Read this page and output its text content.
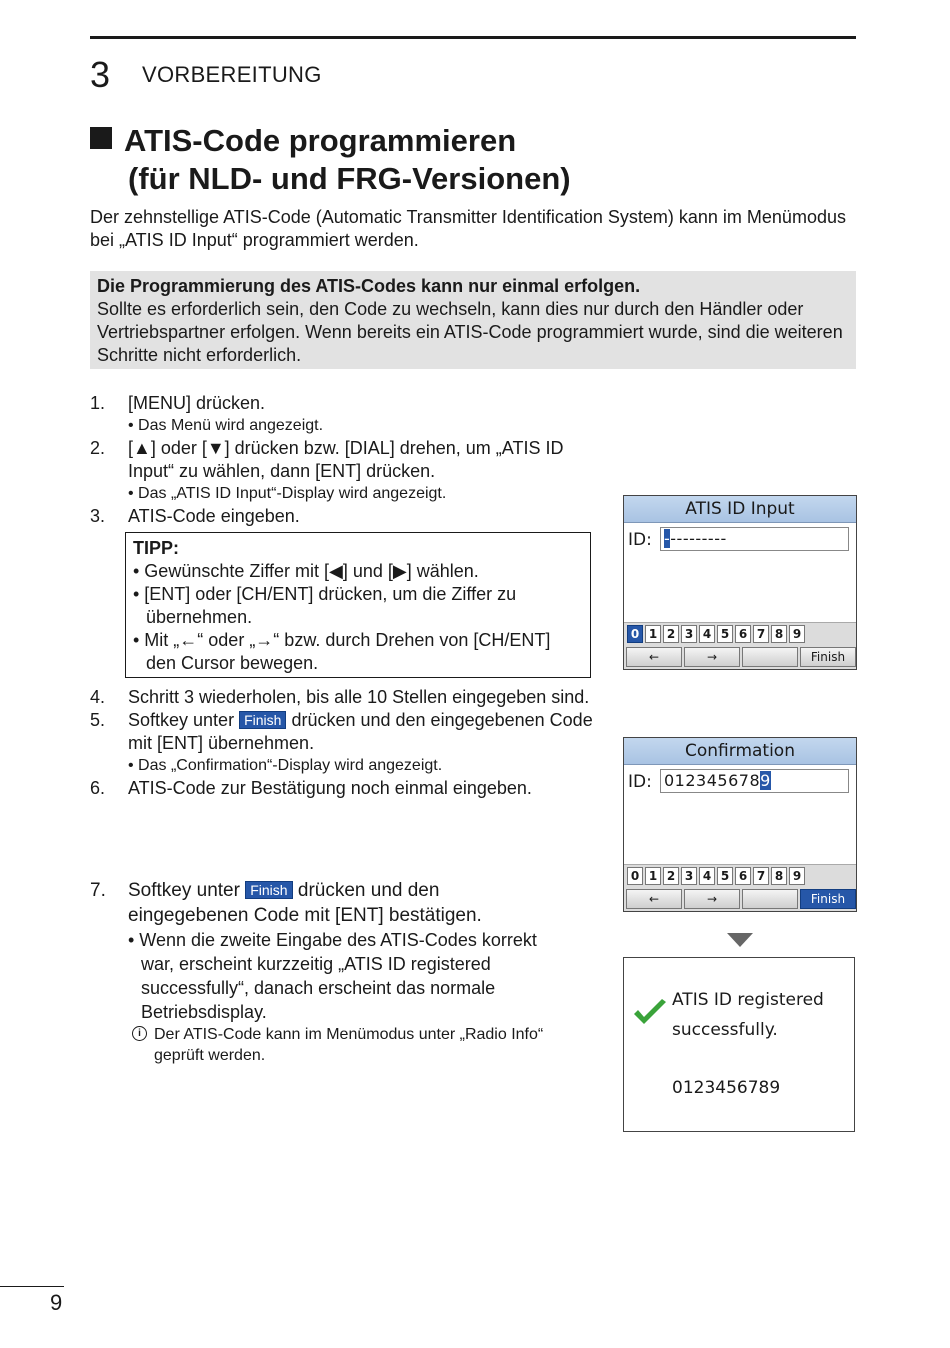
3 VORBEREITUNG
ATIS-Code programmieren
(für NLD- und FRG-Versionen)
Der zehnstellige ATIS-Code (Automatic Transmitter Identification System) kann im Menümodus bei „ATIS ID Input“ programmiert werden.
Die Programmierung des ATIS-Codes kann nur einmal erfolgen.
Sollte es erforderlich sein, den Code zu wechseln, kann dies nur durch den Händler oder Vertriebspartner erfolgen. Wenn bereits ein ATIS-Code programmiert wurde, sind die weiteren Schritte nicht erforderlich.
1. [MENU] drücken.
• Das Menü wird angezeigt.
2. [▲] oder [▼] drücken bzw. [DIAL] drehen, um „ATIS ID Input“ zu wählen, dann [ENT] drücken.
• Das „ATIS ID Input“-Display wird angezeigt.
3. ATIS-Code eingeben.
TIPP:
• Gewünschte Ziffer mit [◀] und [▶] wählen.
• [ENT] oder [CH/ENT] drücken, um die Ziffer zu übernehmen.
• Mit „←“ oder „→“ bzw. durch Drehen von [CH/ENT] den Cursor bewegen.
4. Schritt 3 wiederholen, bis alle 10 Stellen eingegeben sind.
5. Softkey unter Finish drücken und den eingegebenen Code mit [ENT] übernehmen.
• Das „Confirmation“-Display wird angezeigt.
6. ATIS-Code zur Bestätigung noch einmal eingeben.
7. Softkey unter Finish drücken und den eingegebenen Code mit [ENT] bestätigen.
• Wenn die zweite Eingabe des ATIS-Codes korrekt war, erscheint kurzzeitig „ATIS ID registered successfully“, danach erscheint das normale Betriebsdisplay.
i Der ATIS-Code kann im Menümodus unter „Radio Info“ geprüft werden.
ATIS ID Input
ID: ----------
0 1 2 3 4 5 6 7 8 9
←	→	Finish
Confirmation
ID: 0123456789
0 1 2 3 4 5 6 7 8 9
←	→	Finish
ATIS ID registered
successfully.
0123456789
9
